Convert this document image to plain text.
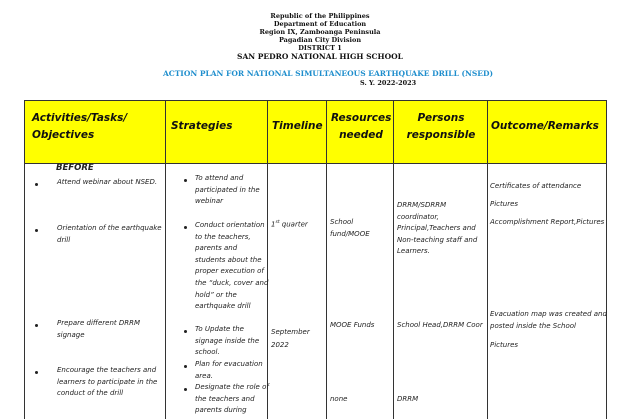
Republic of the Philippines
Department of Education
Region IX, Zamboanga Peninsula
Pagadian City Division
DISTRICT 1
SAN PEDRO NATIONAL HIGH SCHOOL
ACTION PLAN FOR NATIONAL SIMULTANEOUS EARTHQUAKE DRILL (NSED)
S. Y. 2022-2023
Activities/Tasks/
Objectives
Strategies	Timeline
Resources
needed
Persons
responsible
Outcome/Remarks
BEFORE
Attend webinar about NSED.
Orientation of the earthquake
drill
Prepare different DRRM
signage
Encourage the teachers and
learners to participate in the
conduct of the drill
To attend and
participated in the
webinar
Conduct orientation
to the teachers,
parents and
students about the
proper execution of
the “duck, cover and
hold” or the
earthquake drill
To Update the
signage inside the
school.
Plan for evacuation
area.
Designate the role of
the teachers and
parents during
1st quarter
September
2022
School
fund/MOOE
MOOE Funds
none
DRRM/SDRRM
coordinator,
Principal,Teachers and
Non-teaching staff and
Learners.
School Head,DRRM Coor
DRRM
Certificates of attendance
Pictures
Accomplishment Report,Pictures
Evacuation map was created and
posted inside the School
Pictures
